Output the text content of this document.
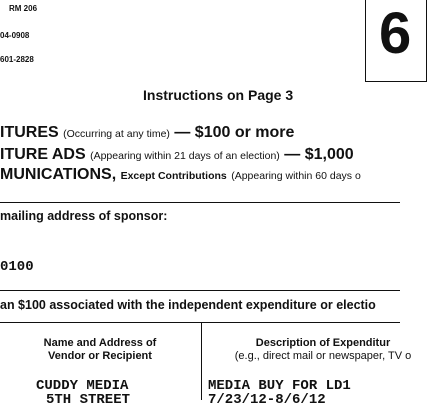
RM 206
04-0908
601-2828	6
Instructions on Page 3
ITURES (Occurring at any time) — $100 or more
ITURE ADS (Appearing within 21 days of an election) — $1,000
MUNICATIONS, Except Contributions (Appearing within 60 days o
mailing address of sponsor:
0100
an $100 associated with the independent expenditure or electio
Name and Address of
Vendor or Recipient
Description of Expenditur
(e.g., direct mail or newspaper, TV o
CUDDY MEDIA
5TH STREET
MEDIA BUY FOR LD1
7/23/12-8/6/12
